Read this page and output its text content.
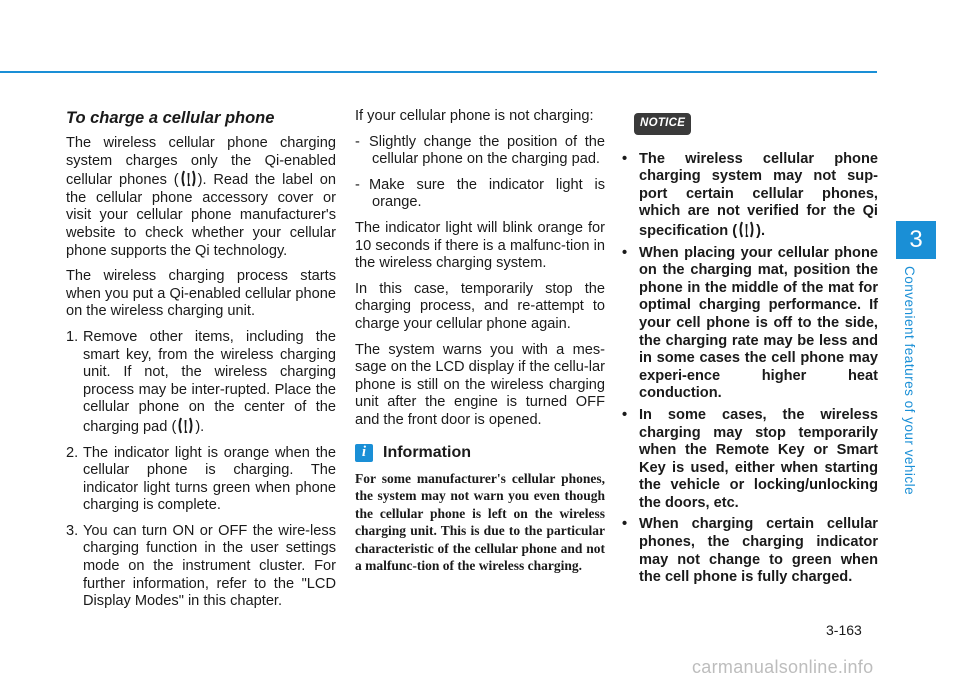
To charge a cellular phone

The wireless cellular phone charging system charges only the Qi-enabled cellular phones ( ). Read the label on the cellular phone accessory cover or visit your cellular phone manufacturer's website to check whether your cellular phone supports the Qi technology.

The wireless charging process starts when you put a Qi-enabled cellular phone on the wireless charging unit.

1. Remove other items, including the smart key, from the wireless charging unit. If not, the wireless charging process may be inter-rupted. Place the cellular phone on the center of the charging pad ( ).
2. The indicator light is orange when the cellular phone is charging. The indicator light turns green when phone charging is complete.
3. You can turn ON or OFF the wire-less charging function in the user settings mode on the instrument cluster. For further information, refer to the "LCD Display Modes" in this chapter.

If your cellular phone is not charging:

- Slightly change the position of the cellular phone on the charging pad.
- Make sure the indicator light is orange.

The indicator light will blink orange for 10 seconds if there is a malfunc-tion in the wireless charging system.

In this case, temporarily stop the charging process, and re-attempt to charge your cellular phone again.

The system warns you with a mes-sage on the LCD display if the cellu-lar phone is still on the wireless charging unit after the engine is turned OFF and the front door is opened.

i	Information

For some manufacturer's cellular phones, the system may not warn you even though the cellular phone is left on the wireless charging unit. This is due to the particular characteristic of the cellular phone and not a malfunc-tion of the wireless charging.

NOTICE
• The wireless cellular phone charging system may not sup-port certain cellular phones, which are not verified for the Qi specification ( ).
• When placing your cellular phone on the charging mat, position the phone in the middle of the mat for optimal charging performance. If your cell phone is off to the side, the charging rate may be less and in some cases the cell phone may experi-ence higher heat conduction.
• In some cases, the wireless charging may stop temporarily when the Remote Key or Smart Key is used, either when starting the vehicle or locking/unlocking the doors, etc.
• When charging certain cellular phones, the charging indicator may not change to green when the cell phone is fully charged.
3
Convenient features of your vehicle
3-163
carmanualsonline.info
